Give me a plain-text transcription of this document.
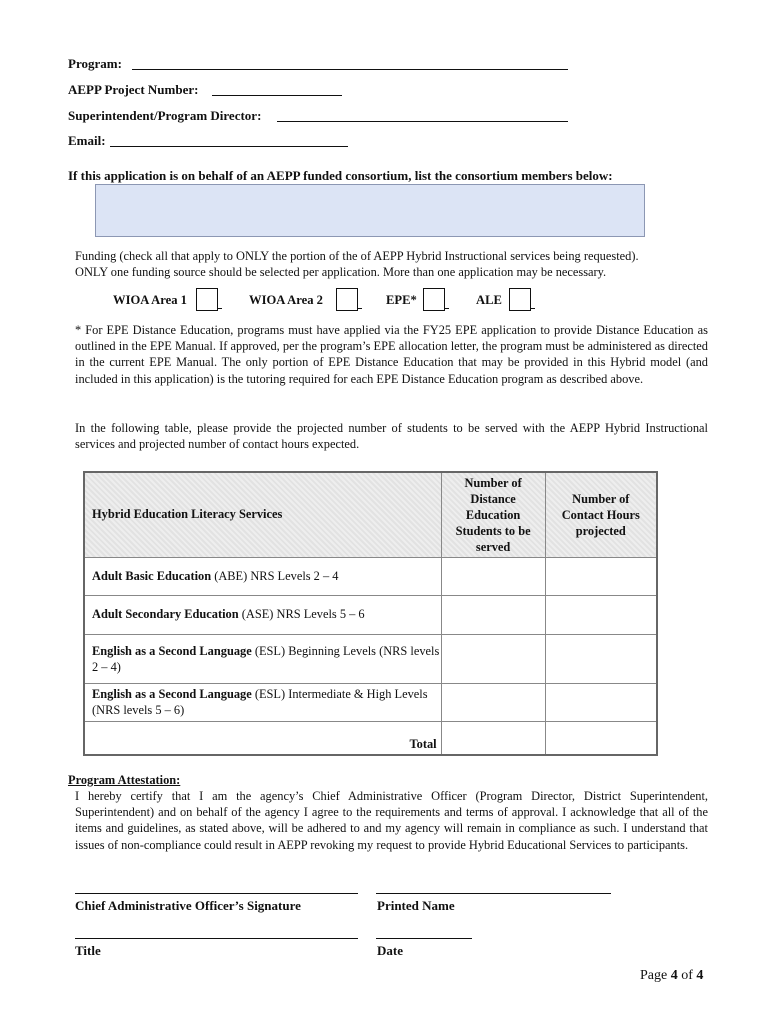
Program:
AEPP Project Number:
Superintendent/Program Director:
Email:
If this application is on behalf of an AEPP funded consortium, list the consortium members below:
Funding (check all that apply to ONLY the portion of the of AEPP Hybrid Instructional services being requested).
ONLY one funding source should be selected per application. More than one application may be necessary.
WIOA Area 1	WIOA Area 2	EPE*	ALE
* For EPE Distance Education, programs must have applied via the FY25 EPE application to provide Distance Education as outlined in the EPE Manual. If approved, per the program’s EPE allocation letter, the program must be administered as directed in the current EPE Manual. The only portion of EPE Distance Education that may be provided in this Hybrid model (and included in this application) is the tutoring required for each EPE Distance Education program as described above.
In the following table, please provide the projected number of students to be served with the AEPP Hybrid Instructional services and projected number of contact hours expected.
Hybrid Education Literacy Services	Number of Distance Education Students to be served	Number of Contact Hours projected

Adult Basic Education (ABE) NRS Levels 2 – 4		
Adult Secondary Education (ASE) NRS Levels 5 – 6		
English as a Second Language (ESL) Beginning Levels (NRS levels 2 – 4)		
English as a Second Language (ESL) Intermediate & High Levels (NRS levels 5 – 6)		
Total		
Program Attestation:
I hereby certify that I am the agency’s Chief Administrative Officer (Program Director, District Superintendent, Superintendent) and on behalf of the agency I agree to the requirements and terms of approval. I acknowledge that all of the items and guidelines, as stated above, will be adhered to and my agency will remain in compliance as such. I understand that issues of non-compliance could result in AEPP revoking my request to provide Hybrid Educational Services to participants.
Chief Administrative Officer’s Signature	Printed Name
Title	Date
Page 4 of 4
